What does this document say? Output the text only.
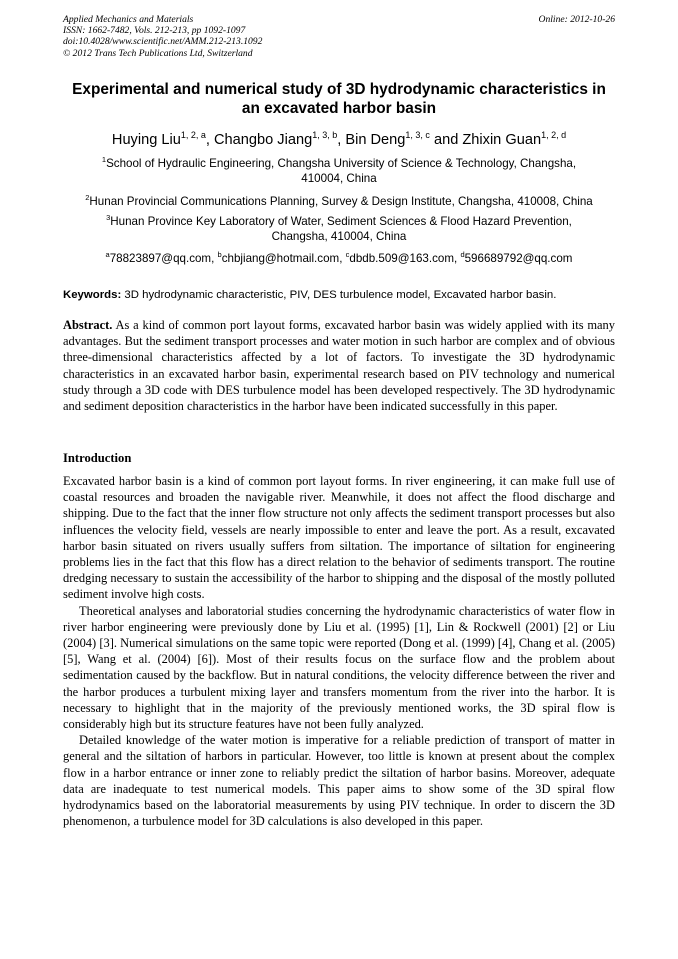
Applied Mechanics and Materials
ISSN: 1662-7482, Vols. 212-213, pp 1092-1097
doi:10.4028/www.scientific.net/AMM.212-213.1092
© 2012 Trans Tech Publications Ltd, Switzerland
Online: 2012-10-26
Experimental and numerical study of 3D hydrodynamic characteristics in an excavated harbor basin
Huying Liu$^{1, 2, a}$, Changbo Jiang$^{1, 3, b}$, Bin Deng$^{1, 3, c}$ and Zhixin Guan$^{1, 2, d}$
$^1$School of Hydraulic Engineering, Changsha University of Science & Technology, Changsha, 410004, China
$^2$Hunan Provincial Communications Planning, Survey & Design Institute, Changsha, 410008, China
$^3$Hunan Province Key Laboratory of Water, Sediment Sciences & Flood Hazard Prevention, Changsha, 410004, China
$^a$78823897@qq.com, $^b$chbjiang@hotmail.com, $^c$dbdb.509@163.com, $^d$596689792@qq.com
Keywords: 3D hydrodynamic characteristic, PIV, DES turbulence model, Excavated harbor basin.
Abstract. As a kind of common port layout forms, excavated harbor basin was widely applied with its many advantages. But the sediment transport processes and water motion in such harbor are complex and of obvious three-dimensional characteristics affected by a lot of factors. To investigate the 3D hydrodynamic characteristics in an excavated harbor basin, experimental research based on PIV technology and numerical study through a 3D code with DES turbulence model has been developed respectively. The 3D hydrodynamic and sediment deposition characteristics in the harbor have been indicated successfully in this paper.
Introduction
Excavated harbor basin is a kind of common port layout forms. In river engineering, it can make full use of coastal resources and broaden the navigable river. Meanwhile, it does not affect the flood discharge and shipping. Due to the fact that the inner flow structure not only affects the sediment transport processes but also influences the velocity field, vessels are nearly impossible to enter and leave the port. As a result, excavated harbor basin situated on rivers usually suffers from siltation. The importance of siltation for engineering problems lies in the fact that this flow has a direct relation to the behavior of sediments transport. The routine dredging necessary to sustain the accessibility of the harbor to shipping and the disposal of the mostly polluted sediment involve high costs.
Theoretical analyses and laboratorial studies concerning the hydrodynamic characteristics of water flow in river harbor engineering were previously done by Liu et al. (1995) [1], Lin & Rockwell (2001) [2] or Liu (2004) [3]. Numerical simulations on the same topic were reported (Dong et al. (1999) [4], Chang et al. (2005) [5], Wang et al. (2004) [6]). Most of their results focus on the surface flow and the problem about sedimentation caused by the backflow. But in natural conditions, the velocity difference between the river and the harbor produces a turbulent mixing layer and transfers momentum from the river into the harbor. It is necessary to highlight that in the majority of the previously mentioned works, the 3D spiral flow is considerably high but its structure features have not been fully analyzed.
Detailed knowledge of the water motion is imperative for a reliable prediction of transport of matter in general and the siltation of harbors in particular. However, too little is known at present about the complex flow in a harbor entrance or inner zone to reliably predict the siltation of harbor basins. Moreover, adequate data are inadequate to test numerical models. This paper aims to show some of the 3D spiral flow hydrodynamics based on the laboratorial measurements by using PIV technique. In order to discern the 3D phenomenon, a turbulence model for 3D calculations is also developed in this paper.
